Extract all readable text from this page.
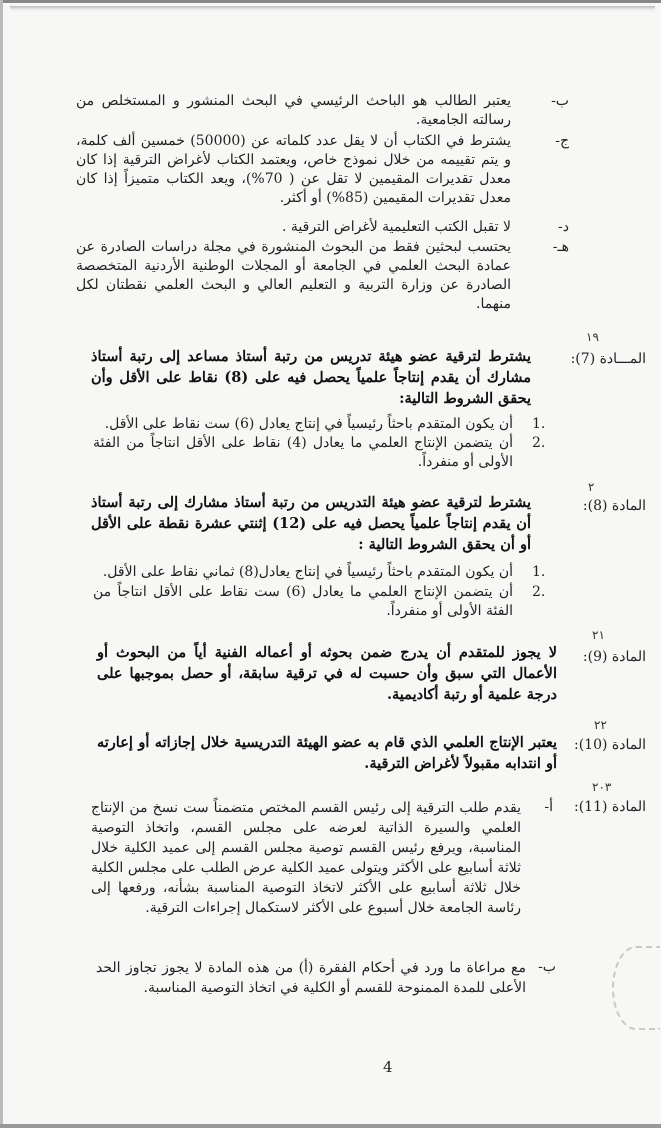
ب-
يعتبر الطالب هو الباحث الرئيسي في البحث المنشور و المستخلص من رسالته الجامعية.
ج-
يشترط في الكتاب أن لا يقل عدد كلماته عن (50000) خمسين ألف كلمة، و يتم تقييمه من خلال نموذج خاص، ويعتمد الكتاب لأغراض الترقية إذا كان معدل تقديرات المقيمين لا تقل عن ( 70%)، ويعد الكتاب متميزاً إذا كان معدل تقديرات المقيمين (85%) أو أكثر.
د-
لا تقبل الكتب التعليمية لأغراض الترقية .
هـ-
يحتسب لبحثين فقط من البحوث المنشورة في مجلة دراسات الصادرة عن عمادة البحث العلمي في الجامعة أو المجلات الوطنية الأردنية المتخصصة الصادرة عن وزارة التربية و التعليم العالي و البحث العلمي نقطتان لكل منهما.
١٩
المـــادة (7):
يشترط لترقية عضو هيئة تدريس من رتبة أستاذ مساعد إلى رتبة أستاذ مشارك أن يقدم إنتاجاً علمياً يحصل فيه على (8) نقاط على الأقل وأن يحقق الشروط التالية:
1.
أن يكون المتقدم باحثاً رئيسياً في إنتاج يعادل (6) ست نقاط على الأقل.
2.
أن يتضمن الإنتاج العلمي ما يعادل (4) نقاط على الأقل انتاجاً من الفئة الأولى أو منفرداً.
٢
المادة (8):
يشترط لترقية عضو هيئة التدريس من رتبة أستاذ مشارك إلى رتبة أستاذ أن يقدم إنتاجاً علمياً يحصل فيه على (12) إثنتي عشرة نقطة على الأقل أو أن يحقق الشروط التالية :
1.
أن يكون المتقدم باحثاً رئيسياً في إنتاج يعادل(8) ثماني نقاط على الأقل.
2.
أن يتضمن الإنتاج العلمي ما يعادل (6) ست نقاط على الأقل انتاجاً من الفئة الأولى أو منفرداً.
٢١
المادة (9):
لا يجوز للمتقدم أن يدرج ضمن بحوثه أو أعماله الفنية أياً من البحوث أو الأعمال التي سبق وأن حسبت له في ترقية سابقة، أو حصل بموجبها على درجة علمية أو رتبة أكاديمية.
٢٢
المادة (10):
يعتبر الإنتاج العلمي الذي قام به عضو الهيئة التدريسية خلال إجازاته أو إعارته أو انتدابه مقبولاً لأغراض الترقية.
٢٠٣
المادة (11):
أ-
يقدم طلب الترقية إلى رئيس القسم المختص متضمناً ست نسخ من الإنتاج العلمي والسيرة الذاتية لعرضه على مجلس القسم، واتخاذ التوصية المناسبة، ويرفع رئيس القسم توصية مجلس القسم إلى عميد الكلية خلال ثلاثة أسابيع على الأكثر ويتولى عميد الكلية عرض الطلب على مجلس الكلية خلال ثلاثة أسابيع على الأكثر لاتخاذ التوصية المناسبة بشأنه، ورفعها إلى رئاسة الجامعة خلال أسبوع على الأكثر لاستكمال إجراءات الترقية.
ب-
مع مراعاة ما ورد في أحكام الفقرة (أ) من هذه المادة لا يجوز تجاوز الحد الأعلى للمدة الممنوحة للقسم أو الكلية في اتخاذ التوصية المناسبة.
4
